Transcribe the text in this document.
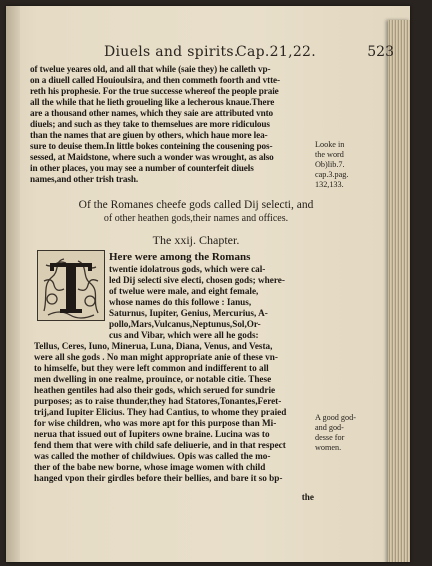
Diuels and spirits.
Cap.21,22.	523
of twelue yeares old, and all that while (saie they) he calleth vp-
on a diuell called Houioulsira, and then commeth foorth and vtte-
reth his prophesie. For the true successe whereof the people praie
all the while that he lieth groueling like a lecherous knaue.There
are a thousand other names, which they saie are attributed vnto
diuels; and such as they take to themselues are more ridiculous
than the names that are giuen by others, which haue more lea-
sure to deuise them.In little bokes conteining the cousening pos-
sessed, at Maidstone, where such a wonder was wrought, as also
in other places, you may see a number of counterfeit diuels
names,and other trish trash.
Looke in
the word
Ob)lib.7.
cap.3.pag.
132,133.
Of the Romanes cheefe gods called Dij selecti, and
of other heathen gods,their names and offices.
The xxij. Chapter.
T
Here were among the Romans
twentie idolatrous gods, which were cal-
led Dij selecti sive electi, chosen gods; where-
of twelue were male, and eight female,
whose names do this followe : Ianus,
Saturnus, Iupiter, Genius, Mercurius, A-
pollo,Mars,Vulcanus,Neptunus,Sol,Or-
cus and Vibar, which were all he gods:
Tellus, Ceres, Iuno, Minerua, Luna, Diana, Venus, and Vesta,
were all she gods . No man might appropriate anie of these vn-
to himselfe, but they were left common and indifferent to all
men dwelling in one realme, prouince, or notable citie. These
heathen gentiles had also their gods, which serued for sundrie
purposes; as to raise thunder,they had Statores,Tonantes,Feret-
trij,and Iupiter Elicius. They had Cantius, to whome they praied
for wise children, who was more apt for this purpose than Mi-
nerua that issued out of Iupiters owne braine. Lucina was to
fend them that were with child safe deliuerie, and in that respect
was called the mother of childwiues. Opis was called the mo-
ther of the babe new borne, whose image women with child
hanged vpon their girdles before their bellies, and bare it so bp-
the
A good god-
and god-
desse for
women.
